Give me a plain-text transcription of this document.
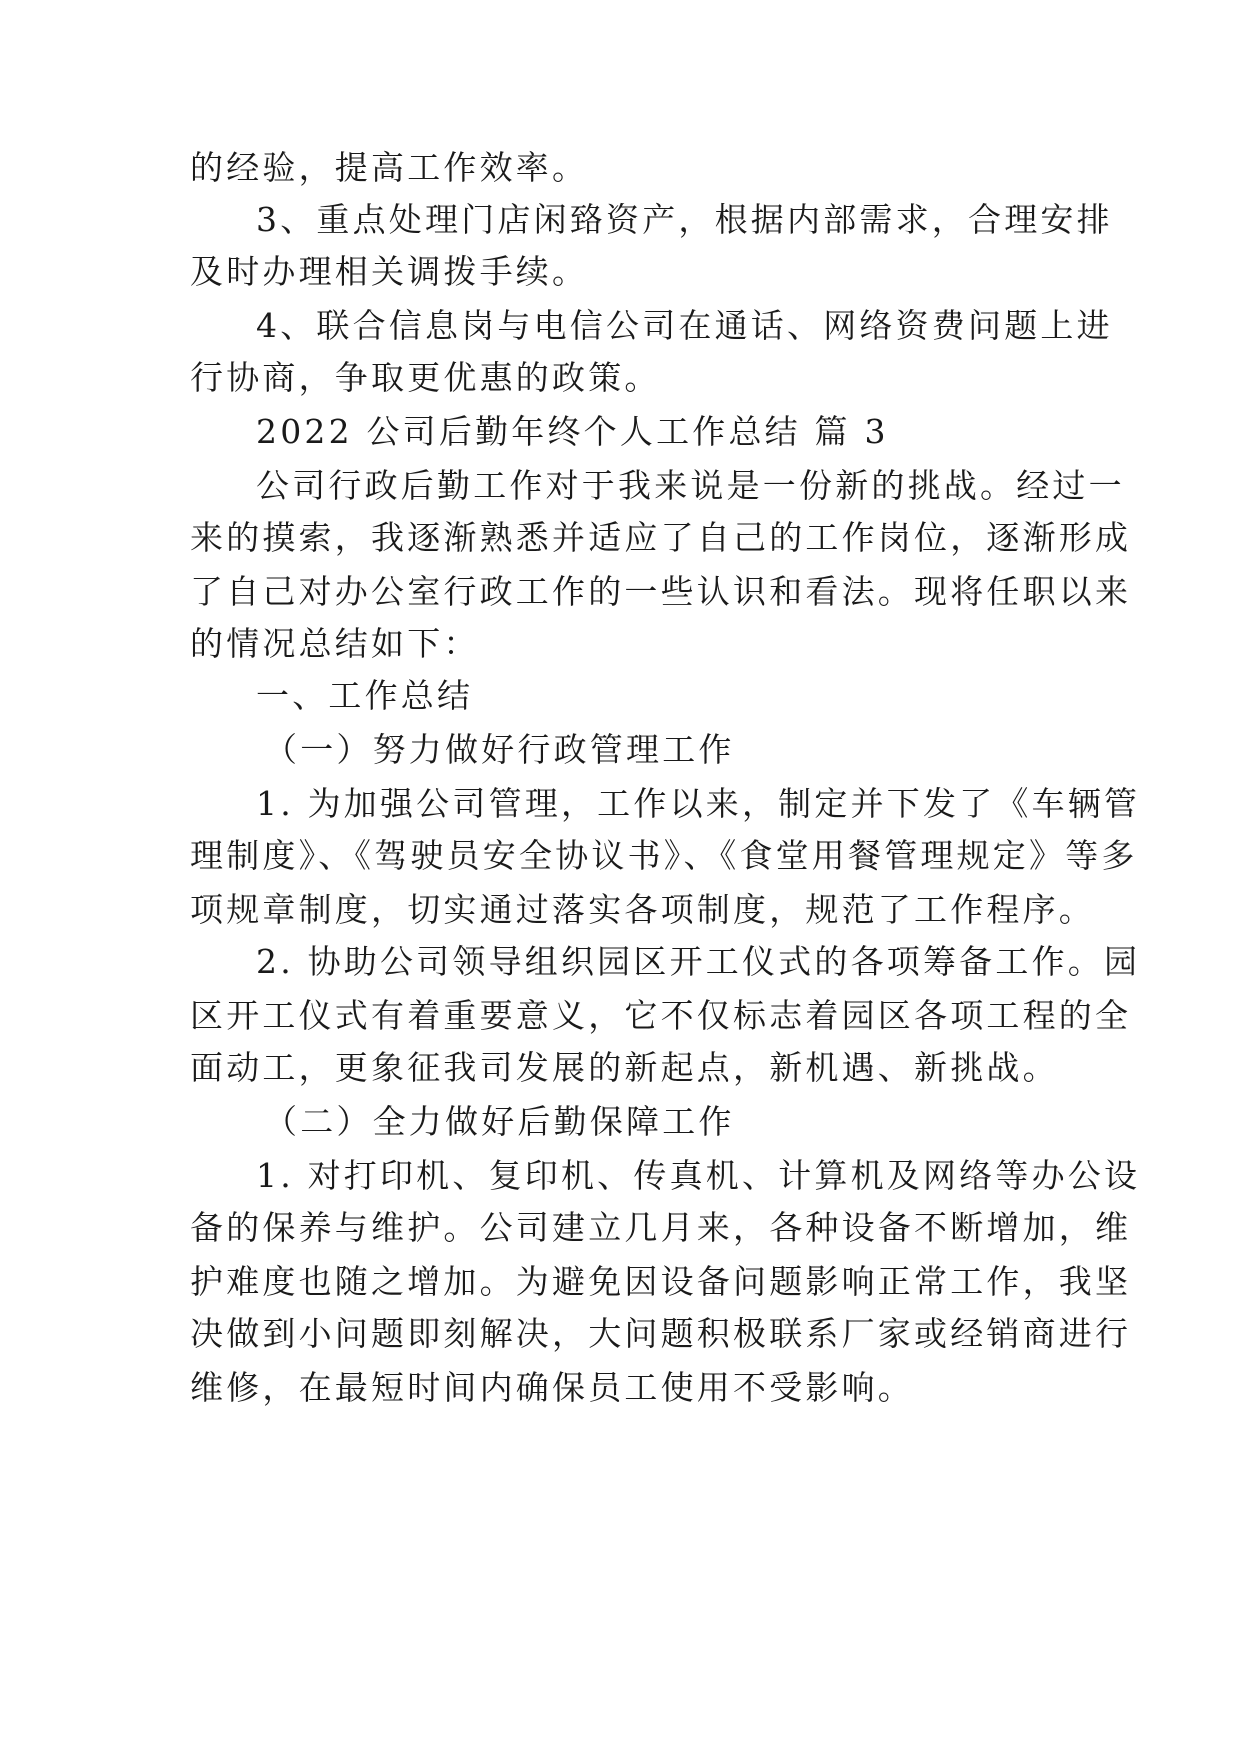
的经验，提高工作效率。
3、重点处理门店闲臵资产，根据内部需求，合理安排
及时办理相关调拨手续。
4、联合信息岗与电信公司在通话、网络资费问题上进
行协商，争取更优惠的政策。
2022 公司后勤年终个人工作总结 篇 3
公司行政后勤工作对于我来说是一份新的挑战。经过一
来的摸索，我逐渐熟悉并适应了自己的工作岗位，逐渐形成
了自己对办公室行政工作的一些认识和看法。现将任职以来
的情况总结如下：
一、工作总结
（一）努力做好行政管理工作
1. 为加强公司管理，工作以来，制定并下发了《车辆管
理制度》、《驾驶员安全协议书》、《食堂用餐管理规定》等多
项规章制度，切实通过落实各项制度，规范了工作程序。
2. 协助公司领导组织园区开工仪式的各项筹备工作。园
区开工仪式有着重要意义，它不仅标志着园区各项工程的全
面动工，更象征我司发展的新起点，新机遇、新挑战。
（二）全力做好后勤保障工作
1. 对打印机、复印机、传真机、计算机及网络等办公设
备的保养与维护。公司建立几月来，各种设备不断增加，维
护难度也随之增加。为避免因设备问题影响正常工作，我坚
决做到小问题即刻解决，大问题积极联系厂家或经销商进行
维修，在最短时间内确保员工使用不受影响。
